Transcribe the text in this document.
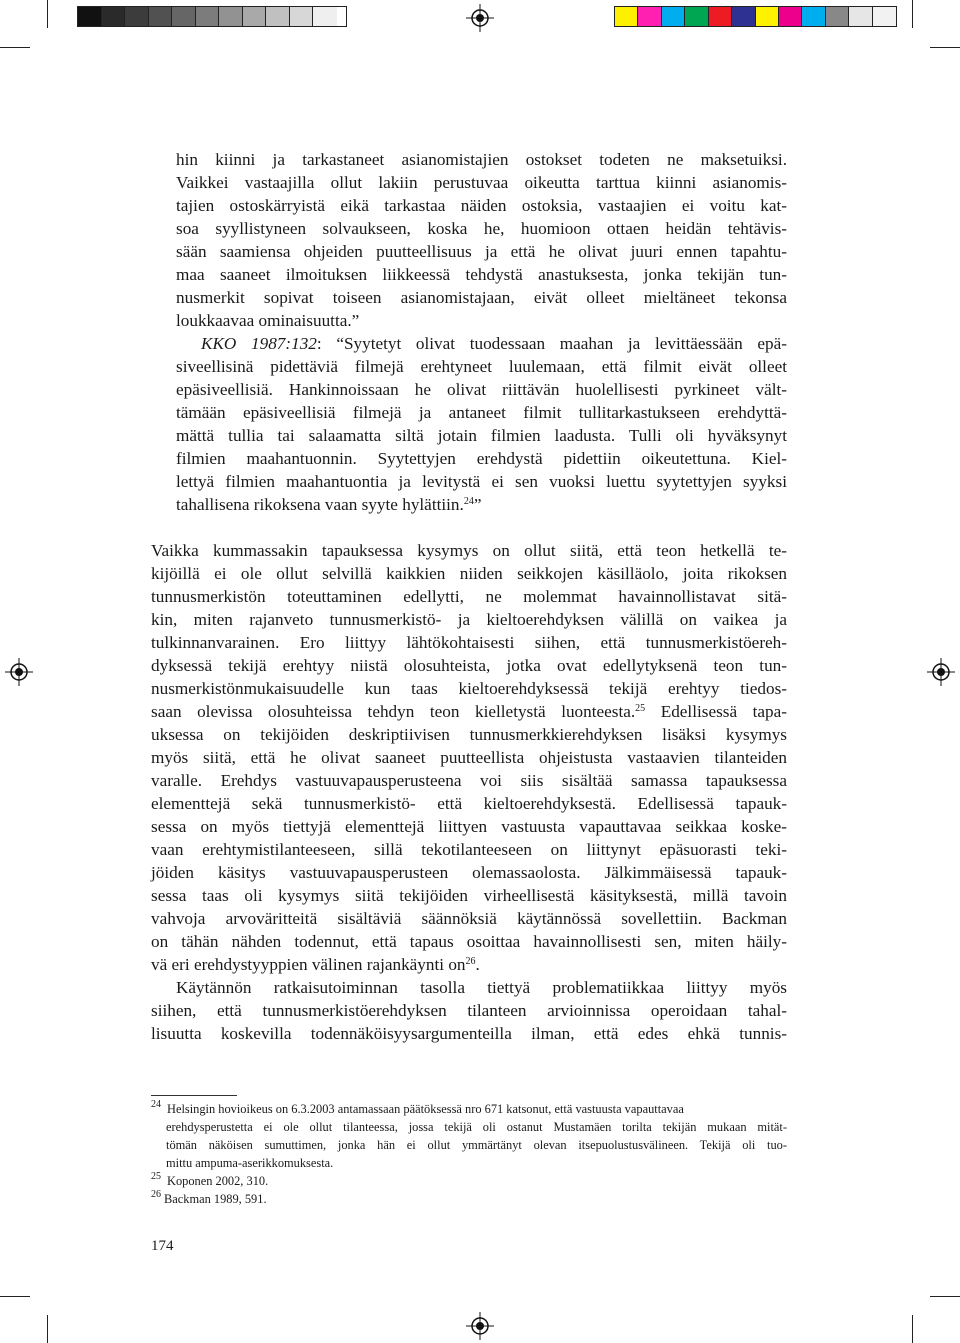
hin kiinni ja tarkastaneet asianomistajien ostokset todeten ne maksetuiksi.
Vaikkei vastaajilla ollut lakiin perustuvaa oikeutta tarttua kiinni asianomis-
tajien ostoskärryistä eikä tarkastaa näiden ostoksia, vastaajien ei voitu kat-
soa syyllistyneen solvaukseen, koska he, huomioon ottaen heidän tehtävis-
sään saamiensa ohjeiden puutteellisuus ja että he olivat juuri ennen tapahtu-
maa saaneet ilmoituksen liikkeessä tehdystä anastuksesta, jonka tekijän tun-
nusmerkit sopivat toiseen asianomistajaan, eivät olleet mieltäneet tekonsa
loukkaavaa ominaisuutta.”
KKO 1987:132: “Syytetyt olivat tuodessaan maahan ja levittäessään epä-
siveellisinä pidettäviä filmejä erehtyneet luulemaan, että filmit eivät olleet
epäsiveellisiä. Hankinnoissaan he olivat riittävän huolellisesti pyrkineet vält-
tämään epäsiveellisiä filmejä ja antaneet filmit tullitarkastukseen erehdyttä-
mättä tullia tai salaamatta siltä jotain filmien laadusta. Tulli oli hyväksynyt
filmien maahantuonnin. Syytettyjen erehdystä pidettiin oikeutettuna. Kiel-
lettyä filmien maahantuontia ja levitystä ei sen vuoksi luettu syytettyjen syyksi
tahallisena rikoksena vaan syyte hylättiin.$^{24}$”
Vaikka kummassakin tapauksessa kysymys on ollut siitä, että teon hetkellä te-
kijöillä ei ole ollut selvillä kaikkien niiden seikkojen käsilläolo, joita rikoksen
tunnusmerkistön toteuttaminen edellytti, ne molemmat havainnollistavat sitä-
kin, miten rajanveto tunnusmerkistö- ja kieltoerehdyksen välillä on vaikea ja
tulkinnanvarainen. Ero liittyy lähtökohtaisesti siihen, että tunnusmerkistöereh-
dyksessä tekijä erehtyy niistä olosuhteista, jotka ovat edellytyksenä teon tun-
nusmerkistönmukaisuudelle kun taas kieltoerehdyksessä tekijä erehtyy tiedos-
saan olevissa olosuhteissa tehdyn teon kielletystä luonteesta.$^{25}$ Edellisessä tapa-
uksessa on tekijöiden deskriptiivisen tunnusmerkkierehdyksen lisäksi kysymys
myös siitä, että he olivat saaneet puutteellista ohjeistusta vastaavien tilanteiden
varalle. Erehdys vastuuvapausperusteena voi siis sisältää samassa tapauksessa
elementtejä sekä tunnusmerkistö- että kieltoerehdyksestä. Edellisessä tapauk-
sessa on myös tiettyjä elementtejä liittyen vastuusta vapauttavaa seikkaa koske-
vaan erehtymistilanteeseen, sillä tekotilanteeseen on liittynyt epäsuorasti teki-
jöiden käsitys vastuuvapausperusteen olemassaolosta. Jälkimmäisessä tapauk-
sessa taas oli kysymys siitä tekijöiden virheellisestä käsityksestä, millä tavoin
vahvoja arvoväritteitä sisältäviä säännöksiä käytännössä sovellettiin. Backman
on tähän nähden todennut, että tapaus osoittaa havainnollisesti sen, miten häily-
vä eri erehdystyyppien välinen rajankäynti $on^{26}$.
Käytännön ratkaisutoiminnan tasolla tiettyä problematiikkaa liittyy myös
siihen, että tunnusmerkistöerehdyksen tilanteen arvioinnissa operoidaan tahal-
lisuutta koskevilla todennäköisyysargumenteilla ilman, että edes ehkä tunnis-
$^{24}$ Helsingin hovioikeus on 6.3.2003 antamassaan päätöksessä nro 671 katsonut, että vastuusta vapauttavaa
erehdysperustetta ei ole ollut tilanteessa, jossa tekijä oli ostanut Mustamäen torilta tekijän mukaan mität-
tömän näköisen sumuttimen, jonka hän ei ollut ymmärtänyt olevan itsepuolustusvälineen. Tekijä oli tuo-
mittu ampuma-aserikkomuksesta.
$^{25}$ Koponen 2002, 310.
$^{26}$ Backman 1989, 591.
174
